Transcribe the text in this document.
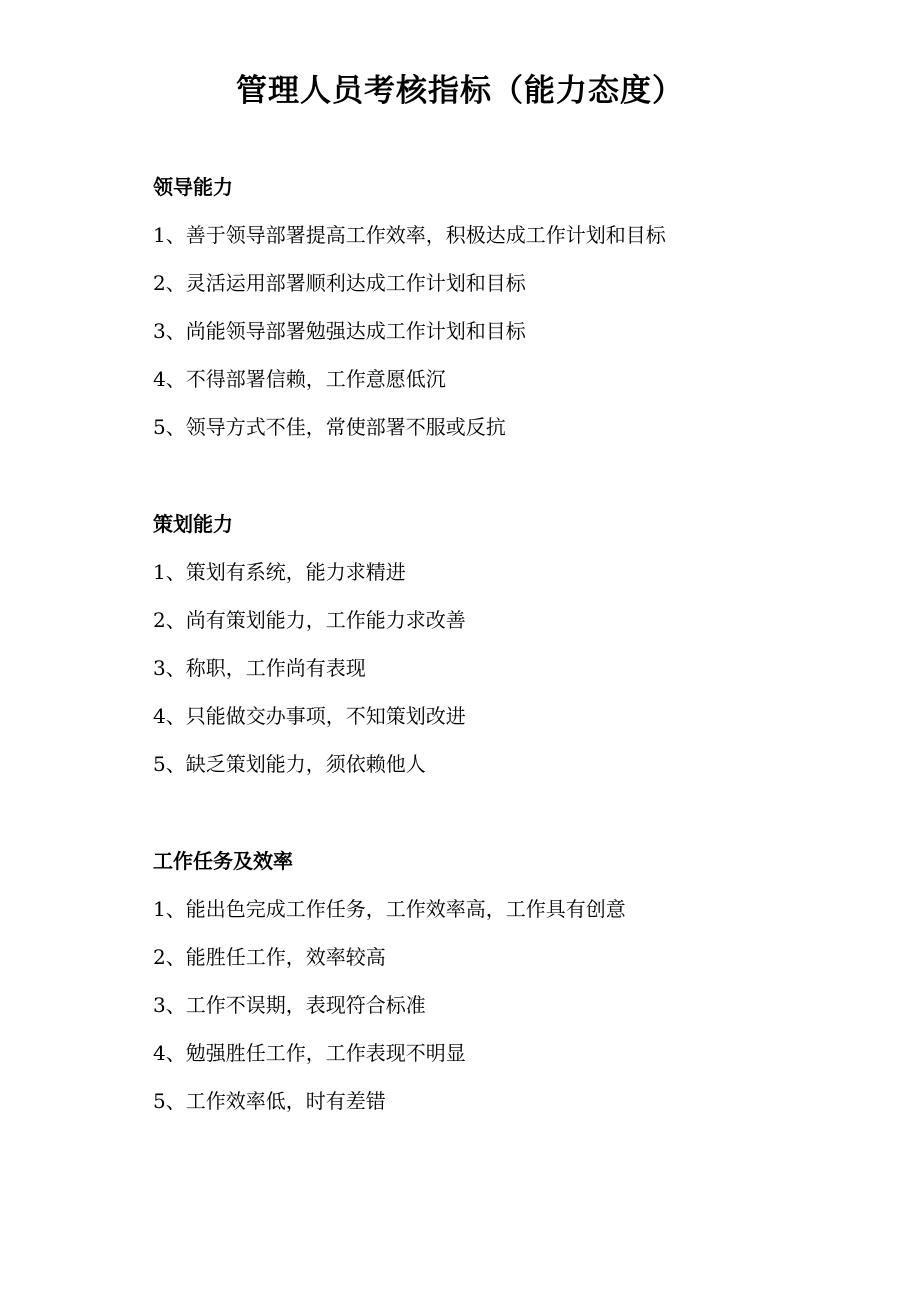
管理人员考核指标（能力态度）
领导能力
1、善于领导部署提高工作效率，积极达成工作计划和目标
2、灵活运用部署顺利达成工作计划和目标
3、尚能领导部署勉强达成工作计划和目标
4、不得部署信赖，工作意愿低沉
5、领导方式不佳，常使部署不服或反抗
策划能力
1、策划有系统，能力求精进
2、尚有策划能力，工作能力求改善
3、称职，工作尚有表现
4、只能做交办事项，不知策划改进
5、缺乏策划能力，须依赖他人
工作任务及效率
1、能出色完成工作任务，工作效率高，工作具有创意
2、能胜任工作，效率较高
3、工作不误期，表现符合标准
4、勉强胜任工作，工作表现不明显
5、工作效率低，时有差错
